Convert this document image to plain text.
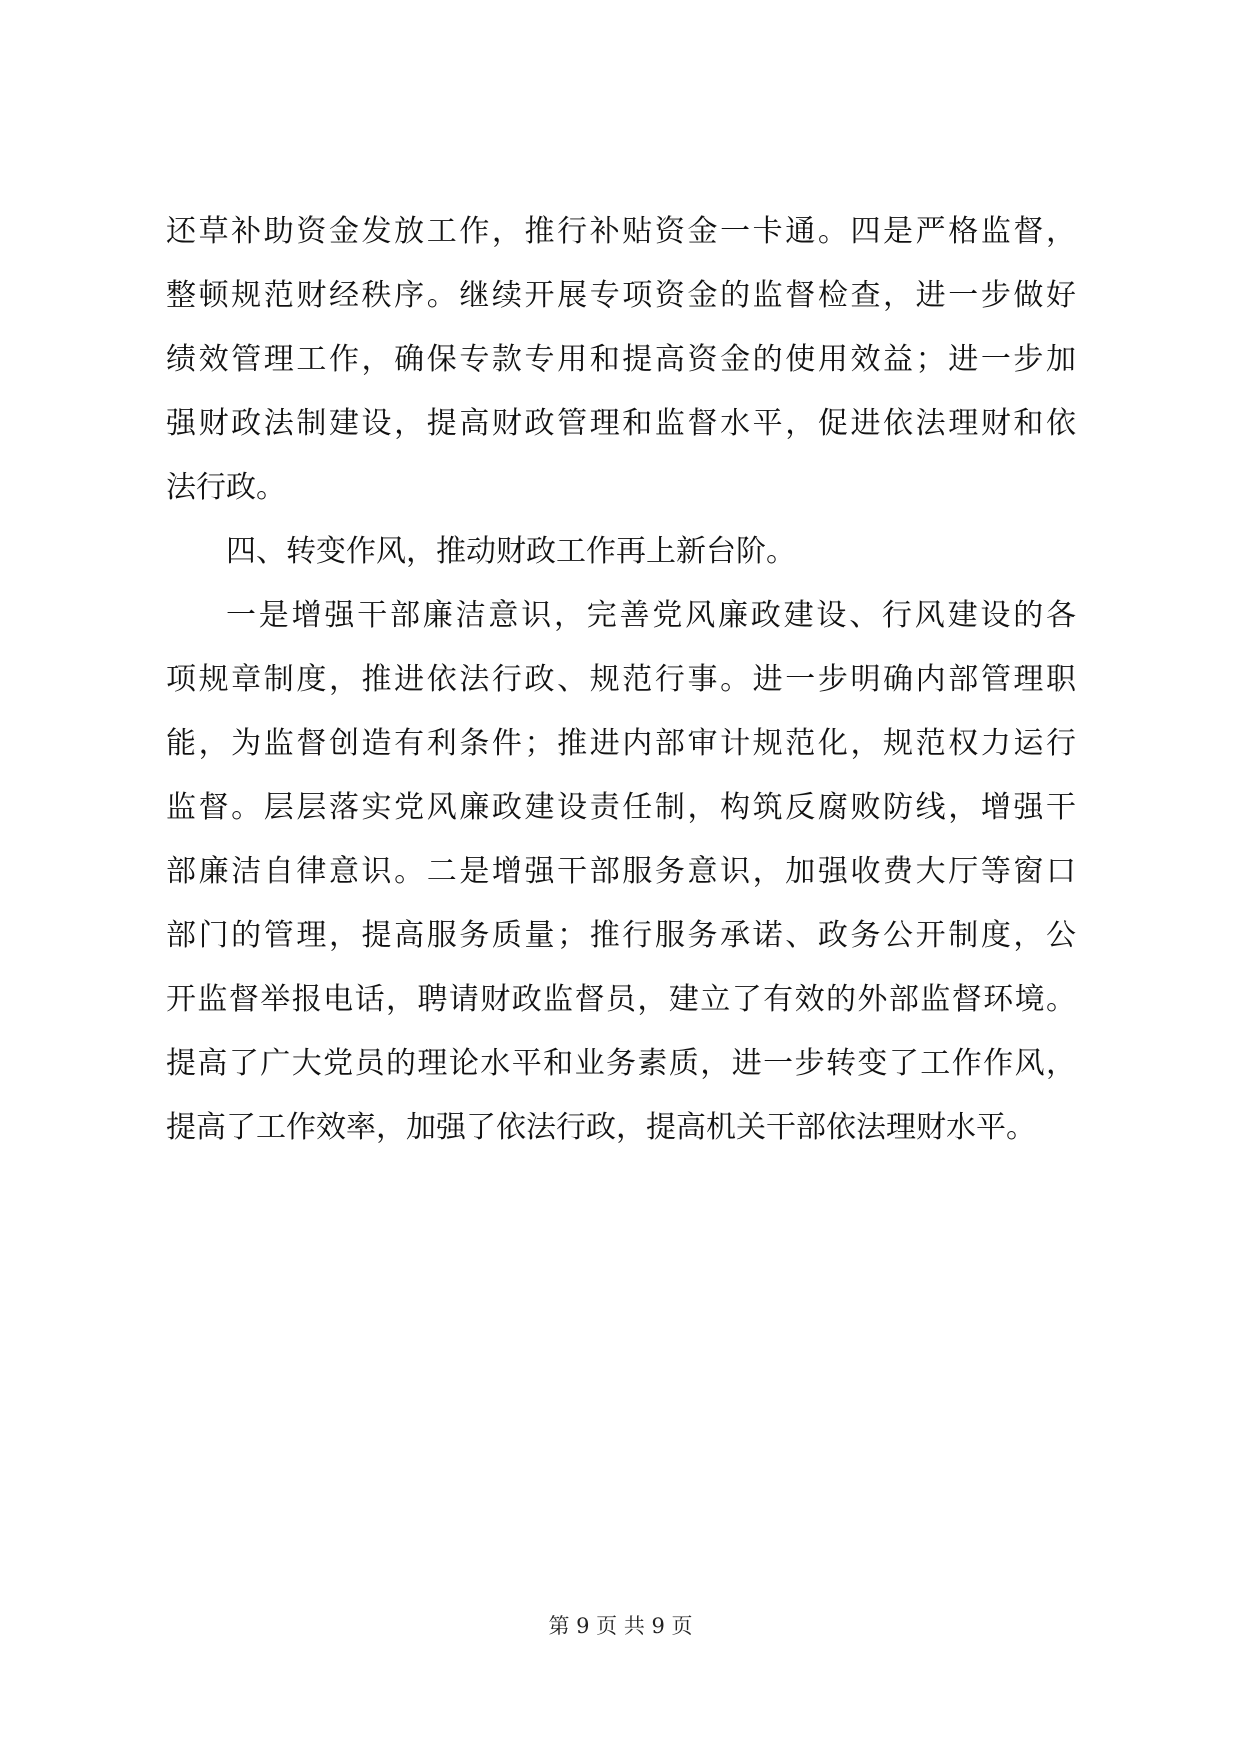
还草补助资金发放工作，推行补贴资金一卡通。四是严格监督，
整顿规范财经秩序。继续开展专项资金的监督检查，进一步做好
绩效管理工作，确保专款专用和提高资金的使用效益；进一步加
强财政法制建设，提高财政管理和监督水平，促进依法理财和依
法行政。
四、转变作风，推动财政工作再上新台阶。
一是增强干部廉洁意识，完善党风廉政建设、行风建设的各
项规章制度，推进依法行政、规范行事。进一步明确内部管理职
能，为监督创造有利条件；推进内部审计规范化，规范权力运行
监督。层层落实党风廉政建设责任制，构筑反腐败防线，增强干
部廉洁自律意识。二是增强干部服务意识，加强收费大厅等窗口
部门的管理，提高服务质量；推行服务承诺、政务公开制度，公
开监督举报电话，聘请财政监督员，建立了有效的外部监督环境。
提高了广大党员的理论水平和业务素质，进一步转变了工作作风，
提高了工作效率，加强了依法行政，提高机关干部依法理财水平。
第 9 页 共 9 页
